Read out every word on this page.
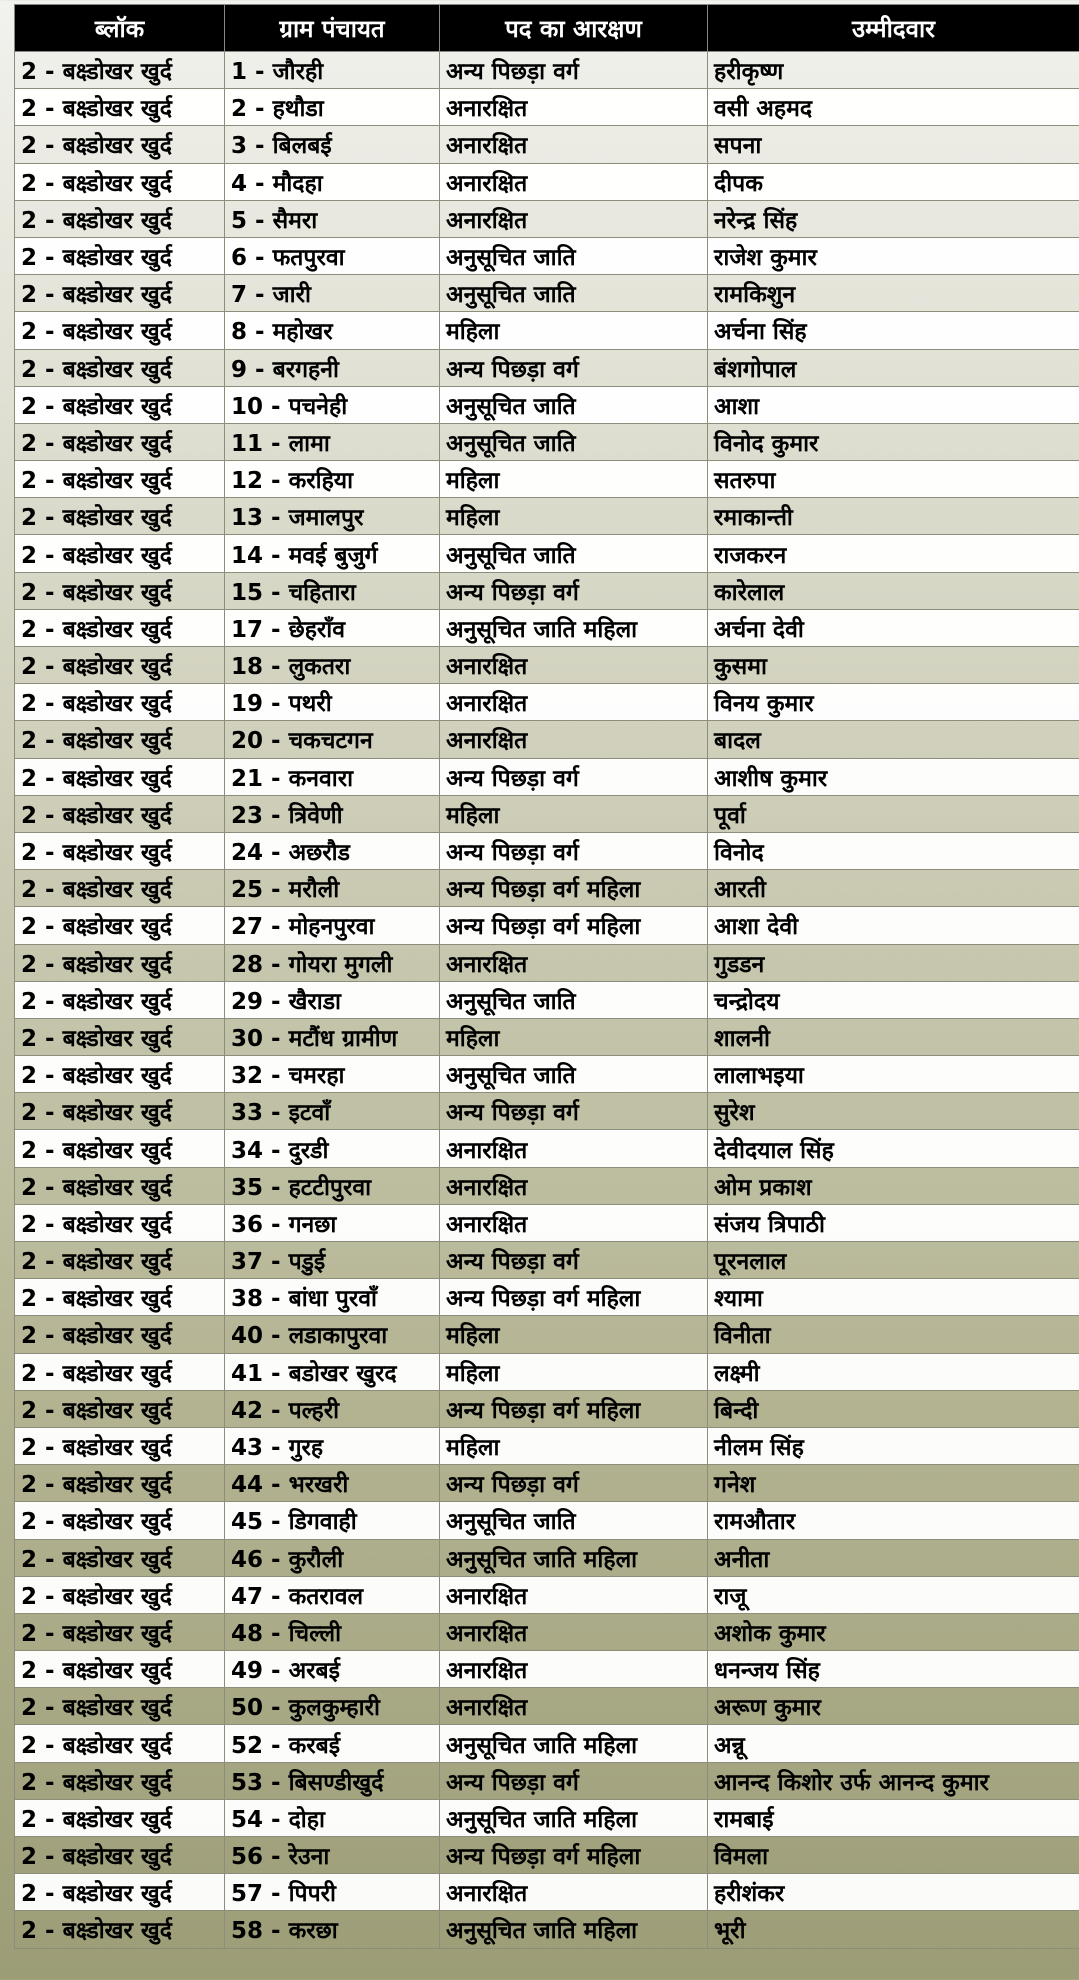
ब्लॉक	ग्राम पंचायत	पद का आरक्षण	उम्मीदवार
2 - बक्ष्डोखर खुर्द	1 - जौरही	अन्य पिछड़ा वर्ग	हरीकृष्ण
2 - बक्ष्डोखर खुर्द	2 - हथौडा	अनारक्षित	वसी अहमद
2 - बक्ष्डोखर खुर्द	3 - बिलबई	अनारक्षित	सपना
2 - बक्ष्डोखर खुर्द	4 - मौदहा	अनारक्षित	दीपक
2 - बक्ष्डोखर खुर्द	5 - सैमरा	अनारक्षित	नरेन्द्र सिंह
2 - बक्ष्डोखर खुर्द	6 - फतपुरवा	अनुसूचित जाति	राजेश कुमार
2 - बक्ष्डोखर खुर्द	7 - जारी	अनुसूचित जाति	रामकिशुन
2 - बक्ष्डोखर खुर्द	8 - महोखर	महिला	अर्चना सिंह
2 - बक्ष्डोखर खुर्द	9 - बरगहनी	अन्य पिछड़ा वर्ग	बंशगोपाल
2 - बक्ष्डोखर खुर्द	10 - पचनेही	अनुसूचित जाति	आशा
2 - बक्ष्डोखर खुर्द	11 - लामा	अनुसूचित जाति	विनोद कुमार
2 - बक्ष्डोखर खुर्द	12 - करहिया	महिला	सतरुपा
2 - बक्ष्डोखर खुर्द	13 - जमालपुर	महिला	रमाकान्ती
2 - बक्ष्डोखर खुर्द	14 - मवई बुजुर्ग	अनुसूचित जाति	राजकरन
2 - बक्ष्डोखर खुर्द	15 - चहितारा	अन्य पिछड़ा वर्ग	कारेलाल
2 - बक्ष्डोखर खुर्द	17 - छेहराँव	अनुसूचित जाति महिला	अर्चना देवी
2 - बक्ष्डोखर खुर्द	18 - लुकतरा	अनारक्षित	कुसमा
2 - बक्ष्डोखर खुर्द	19 - पथरी	अनारक्षित	विनय कुमार
2 - बक्ष्डोखर खुर्द	20 - चकचटगन	अनारक्षित	बादल
2 - बक्ष्डोखर खुर्द	21 - कनवारा	अन्य पिछड़ा वर्ग	आशीष कुमार
2 - बक्ष्डोखर खुर्द	23 - त्रिवेणी	महिला	पूर्वा
2 - बक्ष्डोखर खुर्द	24 - अछरौड	अन्य पिछड़ा वर्ग	विनोद
2 - बक्ष्डोखर खुर्द	25 - मरौली	अन्य पिछड़ा वर्ग महिला	आरती
2 - बक्ष्डोखर खुर्द	27 - मोहनपुरवा	अन्य पिछड़ा वर्ग महिला	आशा देवी
2 - बक्ष्डोखर खुर्द	28 - गोयरा मुगली	अनारक्षित	गुडडन
2 - बक्ष्डोखर खुर्द	29 - खैराडा	अनुसूचित जाति	चन्द्रोदय
2 - बक्ष्डोखर खुर्द	30 - मटौंध ग्रामीण	महिला	शालनी
2 - बक्ष्डोखर खुर्द	32 - चमरहा	अनुसूचित जाति	लालाभइया
2 - बक्ष्डोखर खुर्द	33 - इटवाँ	अन्य पिछड़ा वर्ग	सुरेश
2 - बक्ष्डोखर खुर्द	34 - दुरडी	अनारक्षित	देवीदयाल सिंह
2 - बक्ष्डोखर खुर्द	35 - हटटीपुरवा	अनारक्षित	ओम प्रकाश
2 - बक्ष्डोखर खुर्द	36 - गनछा	अनारक्षित	संजय त्रिपाठी
2 - बक्ष्डोखर खुर्द	37 - पडुई	अन्य पिछड़ा वर्ग	पूरनलाल
2 - बक्ष्डोखर खुर्द	38 - बांधा पुरवाँ	अन्य पिछड़ा वर्ग महिला	श्यामा
2 - बक्ष्डोखर खुर्द	40 - लडाकापुरवा	महिला	विनीता
2 - बक्ष्डोखर खुर्द	41 - बडोखर खुरद	महिला	लक्ष्मी
2 - बक्ष्डोखर खुर्द	42 - पल्हरी	अन्य पिछड़ा वर्ग महिला	बिन्दी
2 - बक्ष्डोखर खुर्द	43 - गुरह	महिला	नीलम सिंह
2 - बक्ष्डोखर खुर्द	44 - भरखरी	अन्य पिछड़ा वर्ग	गनेश
2 - बक्ष्डोखर खुर्द	45 - डिगवाही	अनुसूचित जाति	रामऔतार
2 - बक्ष्डोखर खुर्द	46 - कुरौली	अनुसूचित जाति महिला	अनीता
2 - बक्ष्डोखर खुर्द	47 - कतरावल	अनारक्षित	राजू
2 - बक्ष्डोखर खुर्द	48 - चिल्ली	अनारक्षित	अशोक कुमार
2 - बक्ष्डोखर खुर्द	49 - अरबई	अनारक्षित	धनन्जय सिंह
2 - बक्ष्डोखर खुर्द	50 - कुलकुम्हारी	अनारक्षित	अरूण कुमार
2 - बक्ष्डोखर खुर्द	52 - करबई	अनुसूचित जाति महिला	अन्नू
2 - बक्ष्डोखर खुर्द	53 - बिसण्डीखुर्द	अन्य पिछड़ा वर्ग	आनन्द किशोर उर्फ आनन्द कुमार
2 - बक्ष्डोखर खुर्द	54 - दोहा	अनुसूचित जाति महिला	रामबाई
2 - बक्ष्डोखर खुर्द	56 - रेउना	अन्य पिछड़ा वर्ग महिला	विमला
2 - बक्ष्डोखर खुर्द	57 - पिपरी	अनारक्षित	हरीशंकर
2 - बक्ष्डोखर खुर्द	58 - करछा	अनुसूचित जाति महिला	भूरी
